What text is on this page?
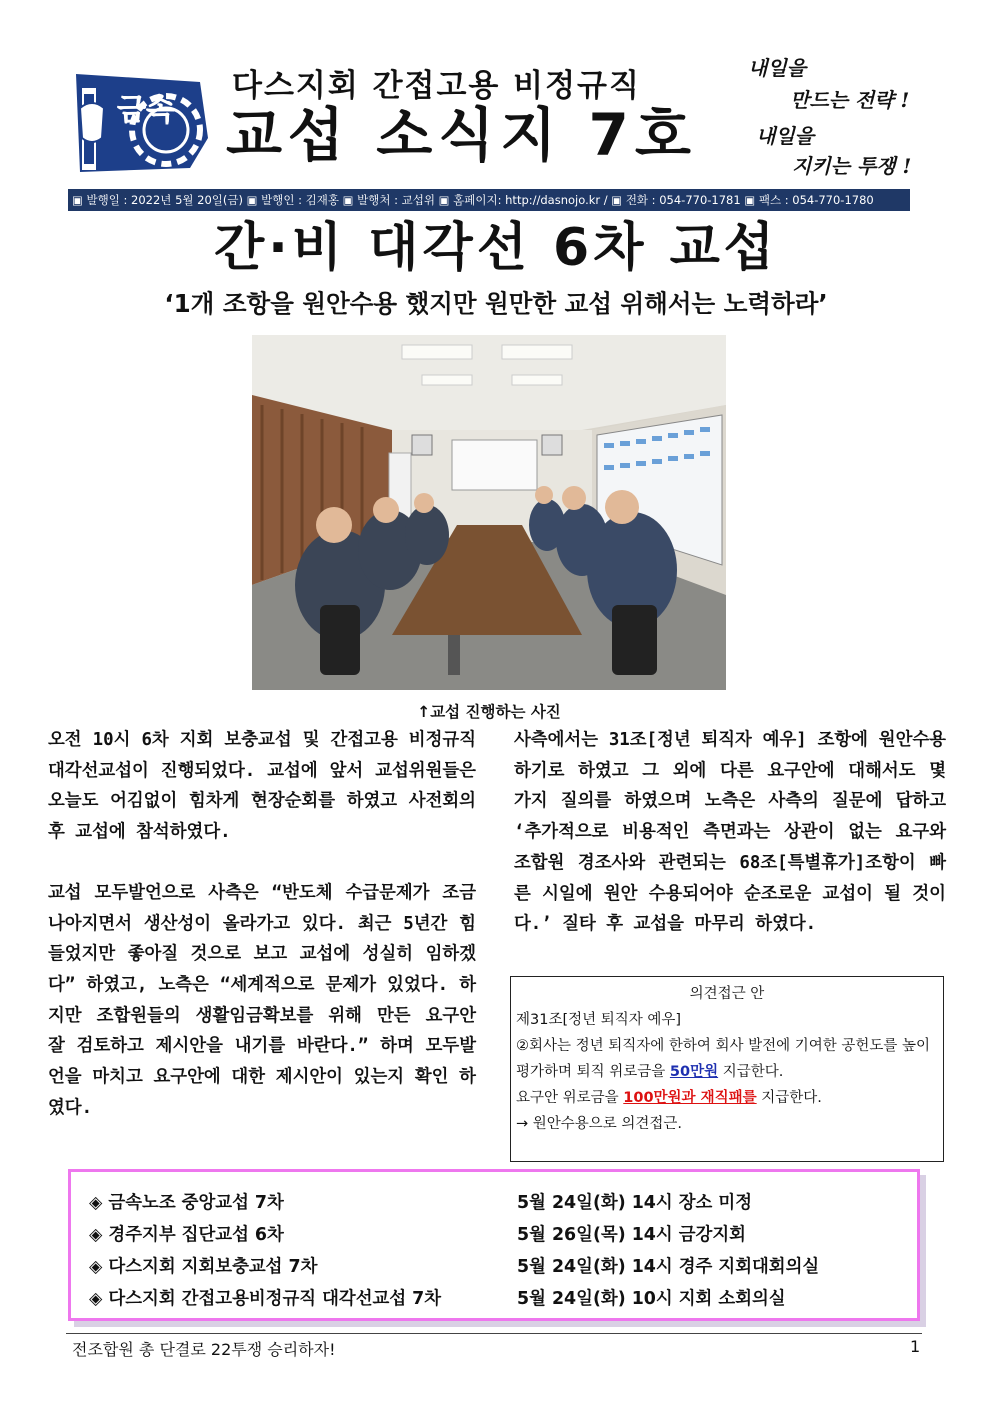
금속
다스지회 간접고용 비정규직
교섭 소식지 7호
내일을
만드는 전략 !
내일을
지키는 투쟁 !
▣ 발행일 : 2022년 5월 20일(금) ▣ 발행인 : 김재홍 ▣ 발행처 : 교섭위 ▣ 홈페이지: http://dasnojo.kr / ▣ 전화 : 054-770-1781 ▣ 팩스 : 054-770-1780
간·비 대각선 6차 교섭
‘1개 조항을 원안수용 했지만 원만한 교섭 위해서는 노력하라’
↑교섭 진행하는 사진

오전 10시 6차 지회 보충교섭 및 간접고용 비정규직 대각선교섭이 진행되었다. 교섭에 앞서 교섭위원들은 오늘도 어김없이 힘차게 현장순회를 하였고 사전회의 후 교섭에 참석하였다.

교섭 모두발언으로 사측은 “반도체 수급문제가 조금 나아지면서 생산성이 올라가고 있다. 최근 5년간 힘들었지만 좋아질 것으로 보고 교섭에 성실히 임하겠다” 하였고, 노측은 “세계적으로 문제가 있었다. 하지만 조합원들의 생활임금확보를 위해 만든 요구안 잘 검토하고 제시안을 내기를 바란다.” 하며 모두발언을 마치고 요구안에 대한 제시안이 있는지 확인 하였다.

사측에서는 31조[정년 퇴직자 예우] 조항에 원안수용하기로 하였고 그 외에 다른 요구안에 대해서도 몇 가지 질의를 하였으며 노측은 사측의 질문에 답하고 ‘추가적으로 비용적인 측면과는 상관이 없는 요구와 조합원 경조사와 관련되는 68조[특별휴가]조항이 빠른 시일에 원안 수용되어야 순조로운 교섭이 될 것이다.’ 질타 후 교섭을 마무리 하였다.

의견접근 안
제31조[정년 퇴직자 예우]
②회사는 정년 퇴직자에 한하여 회사 발전에 기여한 공헌도를 높이 평가하며 퇴직 위로금을 50만원 지급한다.
요구안 위로금을 100만원과 재직패를 지급한다.
→ 원안수용으로 의견접근.
◈ 금속노조 중앙교섭 7차	5월 24일(화) 14시 장소 미정
◈ 경주지부 집단교섭 6차	5월 26일(목) 14시 금강지회
◈ 다스지회 지회보충교섭 7차	5월 24일(화) 14시 경주 지회대회의실
◈ 다스지회 간접고용비정규직 대각선교섭 7차	5월 24일(화) 10시 지회 소회의실
전조합원 총 단결로 22투쟁 승리하자!	1
